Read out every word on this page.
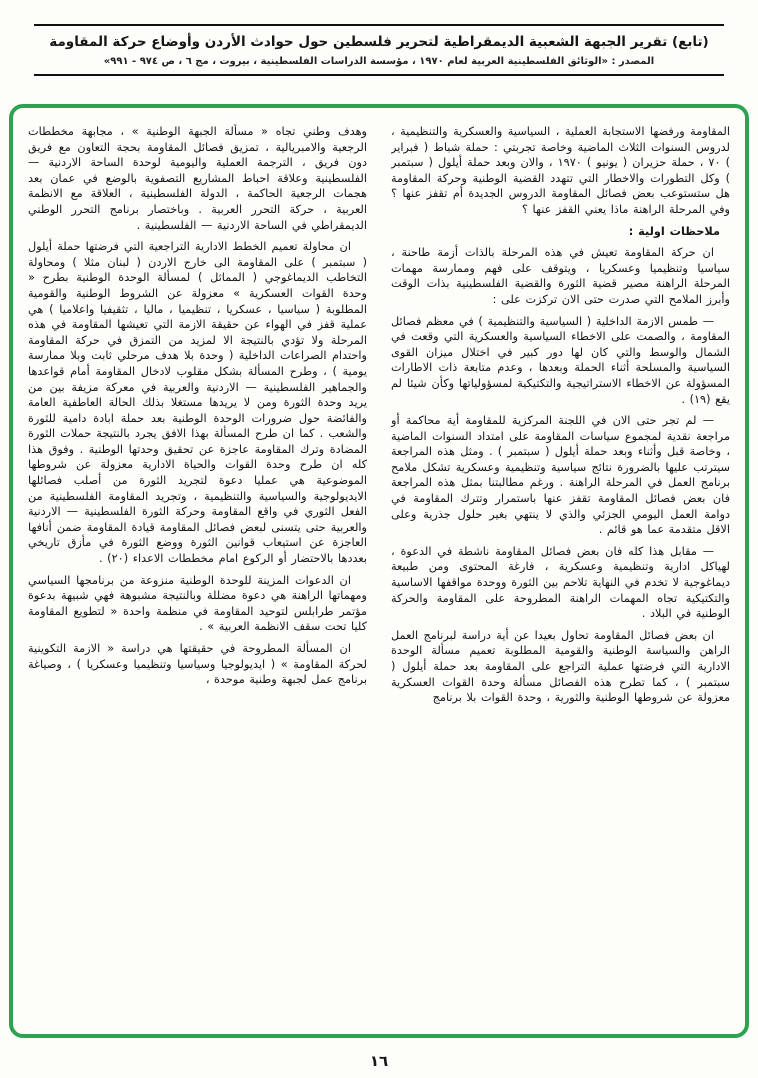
(تابع) تقرير الجبهة الشعبية الديمقراطية لتحرير فلسطين حول حوادث الأردن وأوضاع حركة المقاومة
المصدر : «الوثائق الفلسطينية العربية لعام ١٩٧٠ ، مؤسسة الدراسات الفلسطينية ، بيروت ، مج ٦ ، ص ٩٧٤ - ٩٩١»

المقاومة ورفضها الاستجابة العملية ، السياسية والعسكرية والتنظيمية ، لدروس السنوات الثلاث الماضية وخاصة تجربتي : حملة شباط ( فبراير ) ٧٠ ، حملة حزيران ( يونيو ) ١٩٧٠ ، والان وبعد حملة أيلول ( سبتمبر ) وكل التطورات والاخطار التي تتهدد القضية الوطنية وحركة المقاومة هل ستستوعب بعض فصائل المقاومة الدروس الجديدة أم تقفز عنها ؟ وفي المرحلة الراهنة ماذا يعني القفز عنها ؟

ملاحظات اولية :

ان حركة المقاومة تعيش في هذه المرحلة بالذات أزمة طاحنة ، سياسيا وتنظيميا وعسكريا ، ويتوقف على فهم وممارسة مهمات المرحلة الراهنة مصير قضية الثورة والقضية الفلسطينية بذات الوقت وأبرز الملامح التي صدرت حتى الان تركزت على :

— طمس الازمة الداخلية ( السياسية والتنظيمية ) في معظم فصائل المقاومة ، والصمت على الاخطاء السياسية والعسكرية التي وقعت في الشمال والوسط والتي كان لها دور كبير في اختلال ميزان القوى السياسية والمسلحة أثناء الحملة وبعدها ، وعدم متابعة ذات الاطارات المسؤولة عن الاخطاء الاستراتيجية والتكتيكية لمسؤولياتها وكأن شيئا لم يقع (١٩) .

— لم تجر حتى الان في اللجنة المركزية للمقاومة أية محاكمة أو مراجعة نقدية لمجموع سياسات المقاومة على امتداد السنوات الماضية ، وخاصة قبل وأثناء وبعد حملة أيلول ( سبتمبر ) . ومثل هذه المراجعة سيترتب عليها بالضرورة نتائج سياسية وتنظيمية وعسكرية تشكل ملامح برنامج العمل في المرحلة الراهنة . ورغم مطالبتنا بمثل هذه المراجعة فان بعض فصائل المقاومة تقفز عنها باستمرار وتترك المقاومة في دوامة العمل اليومي الجزئي والذي لا ينتهي بغير حلول جذرية وعلى الاقل متقدمة عما هو قائم .

— مقابل هذا كله فان بعض فصائل المقاومة ناشطة في الدعوة ، لهياكل ادارية وتنظيمية وعسكرية ، فارغة المحتوى ومن طبيعة ديماغوجية لا تخدم في النهاية تلاحم بين الثورة ووحدة مواقفها الاساسية والتكتيكية تجاه المهمات الراهنة المطروحة على المقاومة والحركة الوطنية في البلاد .

ان بعض فصائل المقاومة تحاول بعيدا عن أية دراسة لبرنامج العمل الراهن والسياسة الوطنية والقومية المطلوبة تعميم مسألة الوحدة الادارية التي فرضتها عملية التراجع على المقاومة بعد حملة أيلول ( سبتمبر ) ، كما تطرح هذه الفصائل مسألة وحدة القوات العسكرية معزولة عن شروطها الوطنية والثورية ، وحدة القوات بلا برنامج

وهدف وطني تجاه « مسألة الجبهة الوطنية » ، مجابهة مخططات الرجعية والامبريالية ، تمزيق فصائل المقاومة بحجة التعاون مع فريق دون فريق ، الترجمة العملية واليومية لوحدة الساحة الاردنية — الفلسطينية وعلاقة احباط المشاريع التصفوية بالوضع في عمان بعد هجمات الرجعية الحاكمة ، الدولة الفلسطينية ، العلاقة مع الانظمة العربية ، حركة التحرر العربية . وباختصار برنامج التحرر الوطني الديمقراطي في الساحة الاردنية — الفلسطينية .

ان محاولة تعميم الخطط الادارية التراجعية التي فرضتها حملة أيلول ( سبتمبر ) على المقاومة الى خارج الاردن ( لبنان مثلا ) ومحاولة التخاطب الديماغوجي ( المماثل ) لمسألة الوحدة الوطنية بطرح « وحدة القوات العسكرية » معزولة عن الشروط الوطنية والقومية المطلوبة ( سياسيا ، عسكريا ، تنظيميا ، ماليا ، تثقيفيا واعلاميا ) هي عملية قفز في الهواء عن حقيقة الازمة التي تعيشها المقاومة في هذه المرحلة ولا تؤدي بالنتيجة الا لمزيد من التمزق في حركة المقاومة واحتدام الصراعات الداخلية ( وحدة بلا هدف مرحلي ثابت وبلا ممارسة يومية ) ، وطرح المسألة بشكل مقلوب لادخال المقاومة أمام قواعدها والجماهير الفلسطينية — الاردنية والعربية في معركة مزيفة بين من يريد وحدة الثورة ومن لا يريدها مستغلا بذلك الحالة العاطفية العامة والفائضة حول ضرورات الوحدة الوطنية بعد حملة ابادة دامية للثورة والشعب . كما ان طرح المسألة بهذا الافق يجرد بالنتيجة حملات الثورة المضادة وترك المقاومة عاجزة عن تحقيق وحدتها الوطنية . وفوق هذا كله ان طرح وحدة القوات والحياة الادارية معزولة عن شروطها الموضوعية هي عمليا دعوة لتجريد الثورة من أصلب فصائلها الايديولوجية والسياسية والتنظيمية ، وتجريد المقاومة الفلسطينية من الفعل الثوري في واقع المقاومة وحركة الثورة الفلسطينية — الاردنية والعربية حتى يتسنى لبعض فصائل المقاومة قيادة المقاومة ضمن أنافها العاجزة عن استيعاب قوانين الثورة ووضع الثورة في مأزق تاريخي بعددها بالاحتضار أو الركوع امام مخططات الاعداء (٢٠) .

ان الدعوات المزينة للوحدة الوطنية منزوعة من برنامجها السياسي ومهماتها الراهنة هي دعوة مضللة وبالنتيجة مشبوهة فهي شبيهة بدعوة مؤتمر طرابلس لتوحيد المقاومة في منظمة واحدة « لتطويع المقاومة كليا تحت سقف الانظمة العربية » .

ان المسألة المطروحة في حقيقتها هي دراسة « الازمة التكوينية لحركة المقاومة » ( ايديولوجيا وسياسيا وتنظيميا وعسكريا ) ، وصياغة برنامج عمل لجبهة وطنية موحدة ،

١٦
